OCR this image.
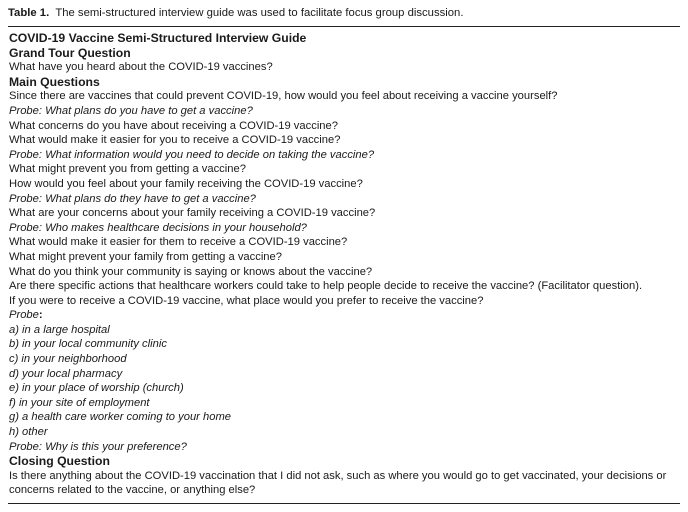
Table 1. The semi-structured interview guide was used to facilitate focus group discussion.
COVID-19 Vaccine Semi-Structured Interview Guide
Grand Tour Question
What have you heard about the COVID-19 vaccines?
Main Questions
Since there are vaccines that could prevent COVID-19, how would you feel about receiving a vaccine yourself?
Probe: What plans do you have to get a vaccine?
What concerns do you have about receiving a COVID-19 vaccine?
What would make it easier for you to receive a COVID-19 vaccine?
Probe: What information would you need to decide on taking the vaccine?
What might prevent you from getting a vaccine?
How would you feel about your family receiving the COVID-19 vaccine?
Probe: What plans do they have to get a vaccine?
What are your concerns about your family receiving a COVID-19 vaccine?
Probe: Who makes healthcare decisions in your household?
What would make it easier for them to receive a COVID-19 vaccine?
What might prevent your family from getting a vaccine?
What do you think your community is saying or knows about the vaccine?
Are there specific actions that healthcare workers could take to help people decide to receive the vaccine? (Facilitator question).
If you were to receive a COVID-19 vaccine, what place would you prefer to receive the vaccine?
Probe:
a) in a large hospital
b) in your local community clinic
c) in your neighborhood
d) your local pharmacy
e) in your place of worship (church)
f) in your site of employment
g) a health care worker coming to your home
h) other
Probe: Why is this your preference?
Closing Question
Is there anything about the COVID-19 vaccination that I did not ask, such as where you would go to get vaccinated, your decisions or concerns related to the vaccine, or anything else?
